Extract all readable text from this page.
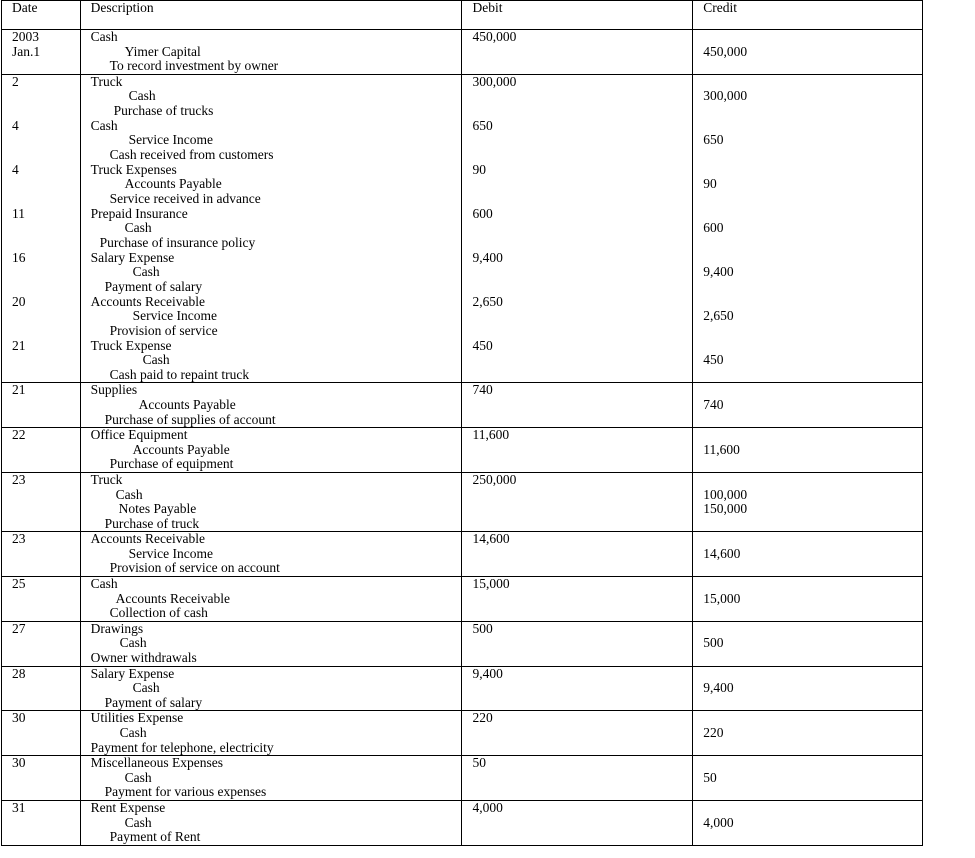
Date	Description	Debit	Credit

2003
Jan.1	Cash
Yimer Capital
To record investment by owner	450,000	450,000

2	Truck
Cash
Purchase of trucks	300,000	300,000

4	Cash
Service Income
Cash received from customers	650	650

4	Truck Expenses
Accounts Payable
Service received in advance	90	90

11	Prepaid Insurance
Cash
Purchase of insurance policy	600	600

16	Salary Expense
Cash
Payment of salary	9,400	9,400

20	Accounts Receivable
Service Income
Provision of service	2,650	2,650

21	Truck Expense
Cash
Cash paid to repaint truck	450	450

21	Supplies
Accounts Payable
Purchase of supplies of account	740	740

22	Office Equipment
Accounts Payable
Purchase of equipment	11,600	11,600

23	Truck
Cash
Notes Payable
Purchase of truck	250,000	100,000
150,000

23	Accounts Receivable
Service Income
Provision of service on account	14,600	14,600

25	Cash
Accounts Receivable
Collection of cash	15,000	15,000

27	Drawings
Cash
Owner withdrawals	500	500

28	Salary Expense
Cash
Payment of salary	9,400	9,400

30	Utilities Expense
Cash
Payment for telephone, electricity	220	220

30	Miscellaneous Expenses
Cash
Payment for various expenses	50	50

31	Rent Expense
Cash
Payment of Rent	4,000	4,000
